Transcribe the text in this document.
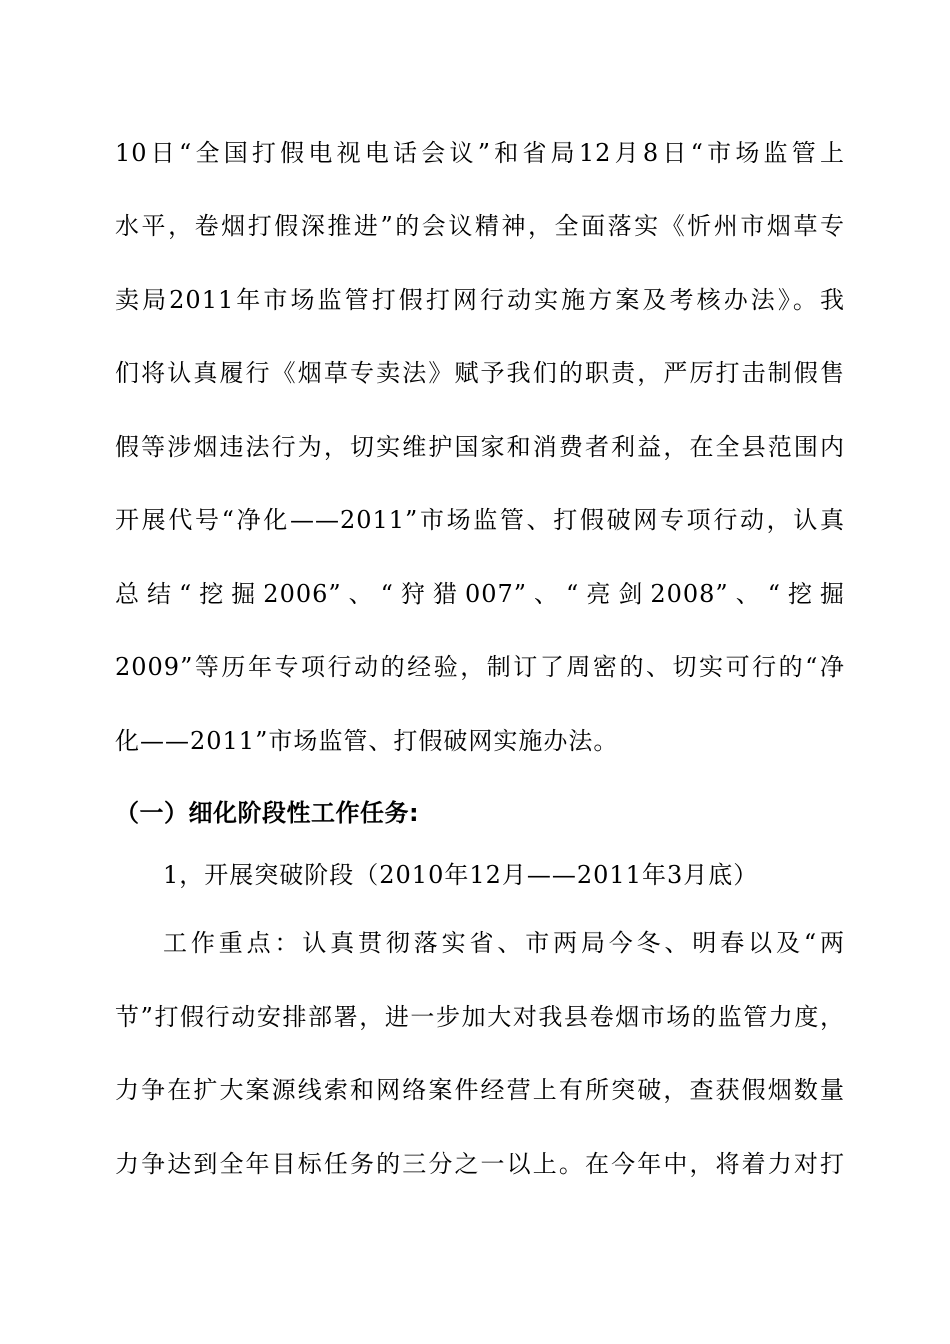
10日“全国打假电视电话会议”和省局12月8日“市场监管上
水平，卷烟打假深推进”的会议精神，全面落实《忻州市烟草专
卖局2011年市场监管打假打网行动实施方案及考核办法》。我
们将认真履行《烟草专卖法》赋予我们的职责，严厉打击制假售
假等涉烟违法行为，切实维护国家和消费者利益，在全县范围内
开展代号“净化——2011”市场监管、打假破网专项行动，认真
总结“挖掘2006”、“狩猎007”、“亮剑2008”、“挖掘
2009”等历年专项行动的经验，制订了周密的、切实可行的“净
化——2011”市场监管、打假破网实施办法。
（一）细化阶段性工作任务:
1，开展突破阶段（2010年12月——2011年3月底）
工作重点：认真贯彻落实省、市两局今冬、明春以及“两
节”打假行动安排部署，进一步加大对我县卷烟市场的监管力度，
力争在扩大案源线索和网络案件经营上有所突破，查获假烟数量
力争达到全年目标任务的三分之一以上。在今年中，将着力对打
